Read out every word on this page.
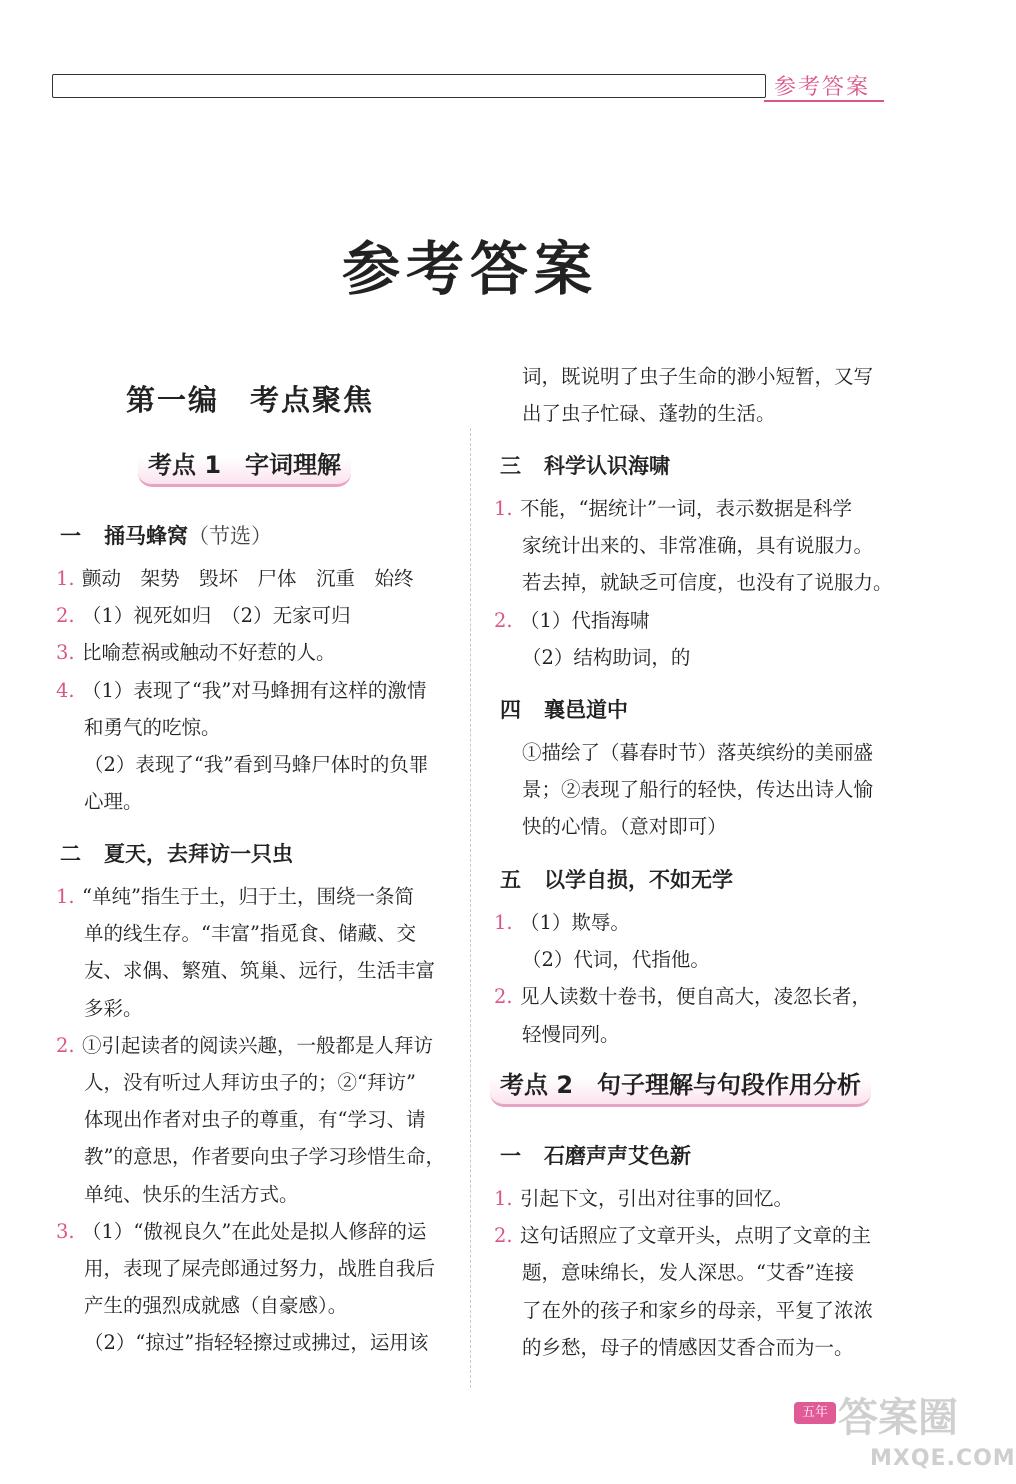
参考答案
参考答案
第一编　考点聚焦
考点 1　字词理解
一 捅马蜂窝（节选）
1. 颤动　架势　毁坏　尸体　沉重　始终
2. （1）视死如归　（2）无家可归
3. 比喻惹祸或触动不好惹的人。
4. （1）表现了“我”对马蜂拥有这样的激情
和勇气的吃惊。
（2）表现了“我”看到马蜂尸体时的负罪
心理。
二 夏天，去拜访一只虫
1. “单纯”指生于土，归于土，围绕一条简
单的线生存。“丰富”指觅食、储藏、交
友、求偶、繁殖、筑巢、远行，生活丰富
多彩。
2. ①引起读者的阅读兴趣，一般都是人拜访
人，没有听过人拜访虫子的；②“拜访”
体现出作者对虫子的尊重，有“学习、请
教”的意思，作者要向虫子学习珍惜生命，
单纯、快乐的生活方式。
3. （1）“傲视良久”在此处是拟人修辞的运
用，表现了屎壳郎通过努力，战胜自我后
产生的强烈成就感（自豪感）。
（2）“掠过”指轻轻擦过或拂过，运用该
词，既说明了虫子生命的渺小短暂，又写
出了虫子忙碌、蓬勃的生活。
三 科学认识海啸
1. 不能，“据统计”一词，表示数据是科学
家统计出来的、非常准确，具有说服力。
若去掉，就缺乏可信度，也没有了说服力。
2. （1）代指海啸
（2）结构助词，的
四 襄邑道中
①描绘了（暮春时节）落英缤纷的美丽盛
景；②表现了船行的轻快，传达出诗人愉
快的心情。（意对即可）
五 以学自损，不如无学
1. （1）欺辱。
（2）代词，代指他。
2. 见人读数十卷书，便自高大，凌忽长者，
轻慢同列。
考点 2　句子理解与句段作用分析
一 石磨声声艾色新
1. 引起下文，引出对往事的回忆。
2. 这句话照应了文章开头，点明了文章的主
题，意味绵长，发人深思。“艾香”连接
了在外的孩子和家乡的母亲，平复了浓浓
的乡愁，母子的情感因艾香合而为一。
五年 答案圈
MXQE.COM
